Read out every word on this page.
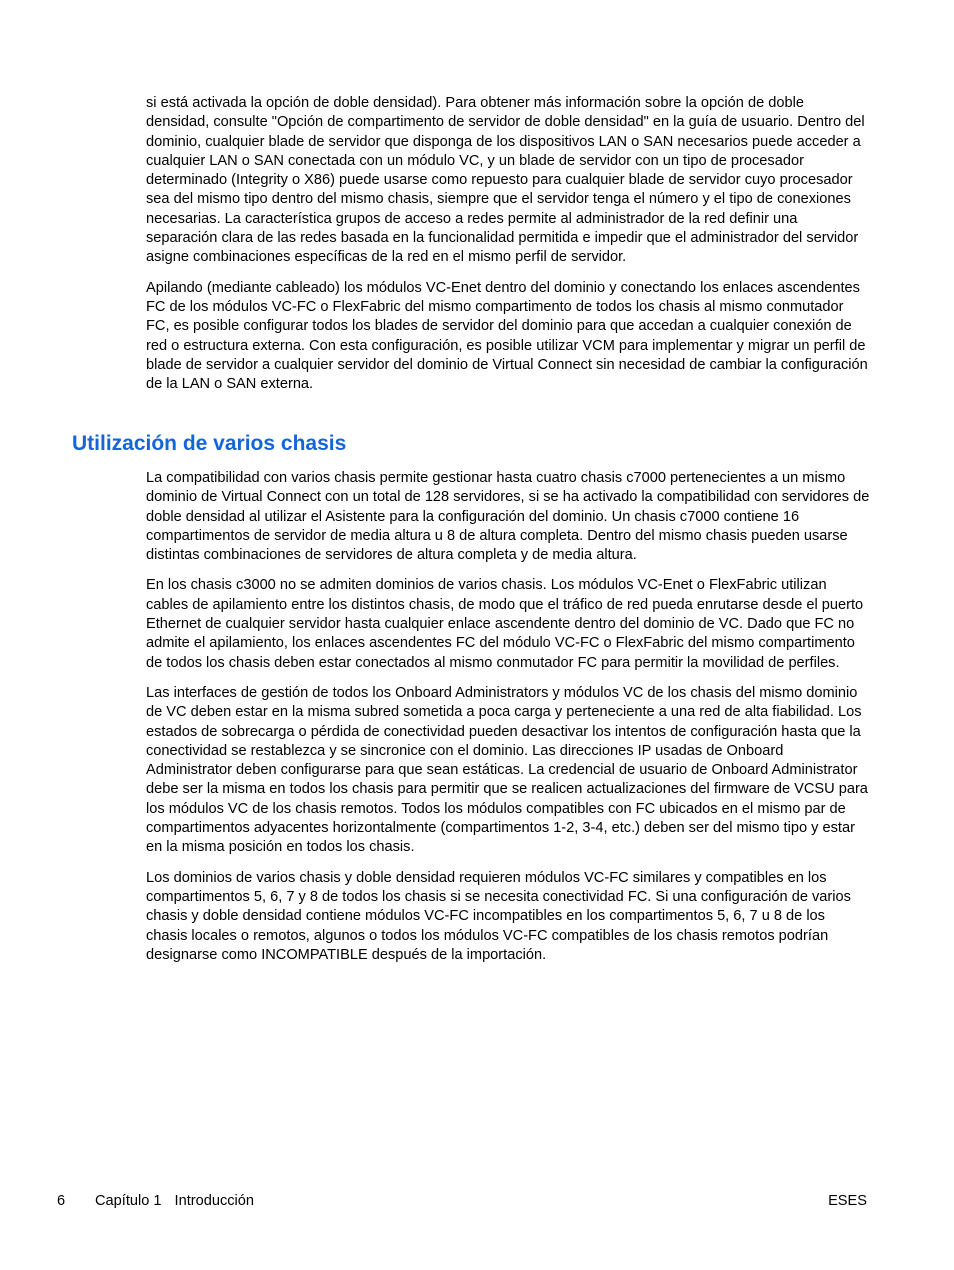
si está activada la opción de doble densidad). Para obtener más información sobre la opción de doble densidad, consulte "Opción de compartimento de servidor de doble densidad" en la guía de usuario. Dentro del dominio, cualquier blade de servidor que disponga de los dispositivos LAN o SAN necesarios puede acceder a cualquier LAN o SAN conectada con un módulo VC, y un blade de servidor con un tipo de procesador determinado (Integrity o X86) puede usarse como repuesto para cualquier blade de servidor cuyo procesador sea del mismo tipo dentro del mismo chasis, siempre que el servidor tenga el número y el tipo de conexiones necesarias. La característica grupos de acceso a redes permite al administrador de la red definir una separación clara de las redes basada en la funcionalidad permitida e impedir que el administrador del servidor asigne combinaciones específicas de la red en el mismo perfil de servidor.

Apilando (mediante cableado) los módulos VC-Enet dentro del dominio y conectando los enlaces ascendentes FC de los módulos VC-FC o FlexFabric del mismo compartimento de todos los chasis al mismo conmutador FC, es posible configurar todos los blades de servidor del dominio para que accedan a cualquier conexión de red o estructura externa. Con esta configuración, es posible utilizar VCM para implementar y migrar un perfil de blade de servidor a cualquier servidor del dominio de Virtual Connect sin necesidad de cambiar la configuración de la LAN o SAN externa.

Utilización de varios chasis

La compatibilidad con varios chasis permite gestionar hasta cuatro chasis c7000 pertenecientes a un mismo dominio de Virtual Connect con un total de 128 servidores, si se ha activado la compatibilidad con servidores de doble densidad al utilizar el Asistente para la configuración del dominio. Un chasis c7000 contiene 16 compartimentos de servidor de media altura u 8 de altura completa. Dentro del mismo chasis pueden usarse distintas combinaciones de servidores de altura completa y de media altura.

En los chasis c3000 no se admiten dominios de varios chasis. Los módulos VC-Enet o FlexFabric utilizan cables de apilamiento entre los distintos chasis, de modo que el tráfico de red pueda enrutarse desde el puerto Ethernet de cualquier servidor hasta cualquier enlace ascendente dentro del dominio de VC. Dado que FC no admite el apilamiento, los enlaces ascendentes FC del módulo VC-FC o FlexFabric del mismo compartimento de todos los chasis deben estar conectados al mismo conmutador FC para permitir la movilidad de perfiles.

Las interfaces de gestión de todos los Onboard Administrators y módulos VC de los chasis del mismo dominio de VC deben estar en la misma subred sometida a poca carga y perteneciente a una red de alta fiabilidad. Los estados de sobrecarga o pérdida de conectividad pueden desactivar los intentos de configuración hasta que la conectividad se restablezca y se sincronice con el dominio. Las direcciones IP usadas de Onboard Administrator deben configurarse para que sean estáticas. La credencial de usuario de Onboard Administrator debe ser la misma en todos los chasis para permitir que se realicen actualizaciones del firmware de VCSU para los módulos VC de los chasis remotos. Todos los módulos compatibles con FC ubicados en el mismo par de compartimentos adyacentes horizontalmente (compartimentos 1-2, 3-4, etc.) deben ser del mismo tipo y estar en la misma posición en todos los chasis.

Los dominios de varios chasis y doble densidad requieren módulos VC-FC similares y compatibles en los compartimentos 5, 6, 7 y 8 de todos los chasis si se necesita conectividad FC. Si una configuración de varios chasis y doble densidad contiene módulos VC-FC incompatibles en los compartimentos 5, 6, 7 u 8 de los chasis locales o remotos, algunos o todos los módulos VC-FC compatibles de los chasis remotos podrían designarse como INCOMPATIBLE después de la importación.

6 Capítulo 1 Introducción	ESES
